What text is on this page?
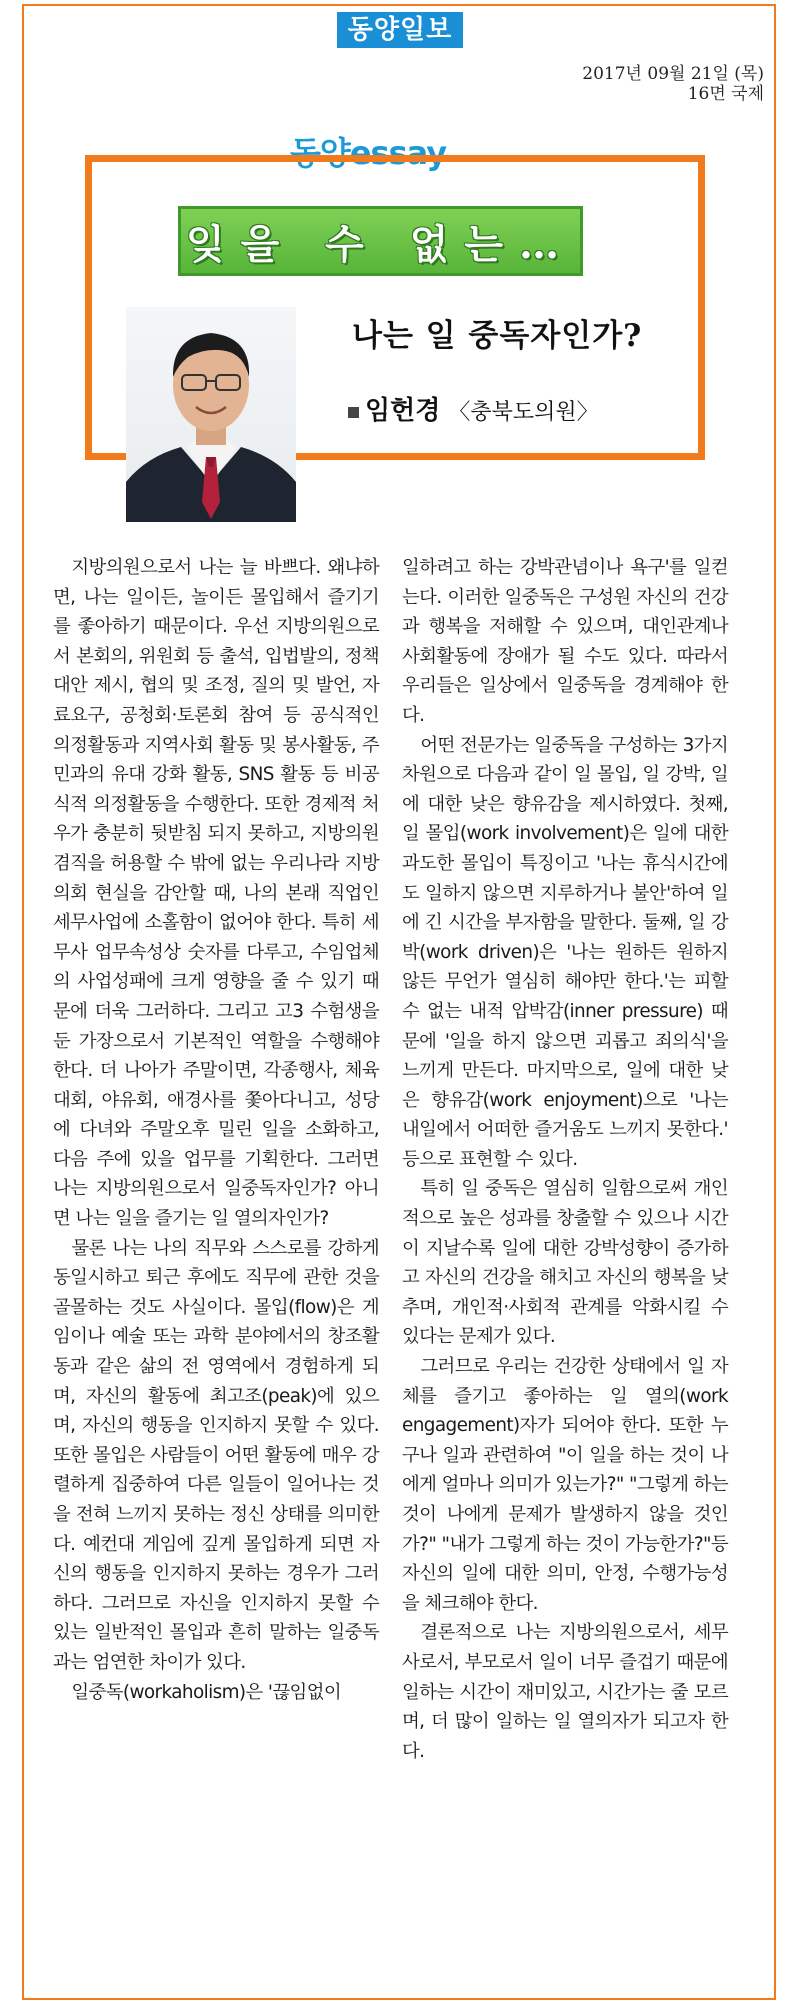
동양일보
2017년 09월 21일 (목)
16면 국제
동양essay
잊을 수 없는…
나는 일 중독자인가?
임헌경 〈충북도의원〉

지방의원으로서 나는 늘 바쁘다. 왜냐하면, 나는 일이든, 놀이든 몰입해서 즐기기를 좋아하기 때문이다. 우선 지방의원으로서 본회의, 위원회 등 출석, 입법발의, 정책대안 제시, 협의 및 조정, 질의 및 발언, 자료요구, 공청회·토론회 참여 등 공식적인 의정활동과 지역사회 활동 및 봉사활동, 주민과의 유대 강화 활동, SNS 활동 등 비공식적 의정활동을 수행한다. 또한 경제적 처우가 충분히 뒷받침 되지 못하고, 지방의원 겸직을 허용할 수 밖에 없는 우리나라 지방의회 현실을 감안할 때, 나의 본래 직업인 세무사업에 소홀함이 없어야 한다. 특히 세무사 업무속성상 숫자를 다루고, 수임업체의 사업성패에 크게 영향을 줄 수 있기 때문에 더욱 그러하다. 그리고 고3 수험생을 둔 가장으로서 기본적인 역할을 수행해야 한다. 더 나아가 주말이면, 각종행사, 체육대회, 야유회, 애경사를 쫓아다니고, 성당에 다녀와 주말오후 밀린 일을 소화하고, 다음 주에 있을 업무를 기획한다. 그러면 나는 지방의원으로서 일중독자인가? 아니면 나는 일을 즐기는 일 열의자인가?

물론 나는 나의 직무와 스스로를 강하게 동일시하고 퇴근 후에도 직무에 관한 것을 골몰하는 것도 사실이다. 몰입(flow)은 게임이나 예술 또는 과학 분야에서의 창조활동과 같은 삶의 전 영역에서 경험하게 되며, 자신의 활동에 최고조(peak)에 있으며, 자신의 행동을 인지하지 못할 수 있다. 또한 몰입은 사람들이 어떤 활동에 매우 강렬하게 집중하여 다른 일들이 일어나는 것을 전혀 느끼지 못하는 정신 상태를 의미한다. 예컨대 게임에 깊게 몰입하게 되면 자신의 행동을 인지하지 못하는 경우가 그러하다. 그러므로 자신을 인지하지 못할 수 있는 일반적인 몰입과 흔히 말하는 일중독과는 엄연한 차이가 있다.

일중독(workaholism)은 '끊임없이

일하려고 하는 강박관념이나 욕구'를 일컫는다. 이러한 일중독은 구성원 자신의 건강과 행복을 저해할 수 있으며, 대인관계나 사회활동에 장애가 될 수도 있다. 따라서 우리들은 일상에서 일중독을 경계해야 한다.

어떤 전문가는 일중독을 구성하는 3가지 차원으로 다음과 같이 일 몰입, 일 강박, 일에 대한 낮은 향유감을 제시하였다. 첫째, 일 몰입(work involvement)은 일에 대한 과도한 몰입이 특징이고 '나는 휴식시간에도 일하지 않으면 지루하거나 불안'하여 일에 긴 시간을 부자함을 말한다. 둘째, 일 강박(work driven)은 '나는 원하든 원하지 않든 무언가 열심히 해야만 한다.'는 피할 수 없는 내적 압박감(inner pressure) 때문에 '일을 하지 않으면 괴롭고 죄의식'을 느끼게 만든다. 마지막으로, 일에 대한 낮은 향유감(work enjoyment)으로 '나는 내일에서 어떠한 즐거움도 느끼지 못한다.' 등으로 표현할 수 있다.

특히 일 중독은 열심히 일함으로써 개인적으로 높은 성과를 창출할 수 있으나 시간이 지날수록 일에 대한 강박성향이 증가하고 자신의 건강을 해치고 자신의 행복을 낮추며, 개인적·사회적 관계를 악화시킬 수 있다는 문제가 있다.

그러므로 우리는 건강한 상태에서 일 자체를 즐기고 좋아하는 일 열의(work engagement)자가 되어야 한다. 또한 누구나 일과 관련하여 "이 일을 하는 것이 나에게 얼마나 의미가 있는가?" "그렇게 하는 것이 나에게 문제가 발생하지 않을 것인가?" "내가 그렇게 하는 것이 가능한가?"등 자신의 일에 대한 의미, 안정, 수행가능성을 체크해야 한다.

결론적으로 나는 지방의원으로서, 세무사로서, 부모로서 일이 너무 즐겁기 때문에 일하는 시간이 재미있고, 시간가는 줄 모르며, 더 많이 일하는 일 열의자가 되고자 한다.
